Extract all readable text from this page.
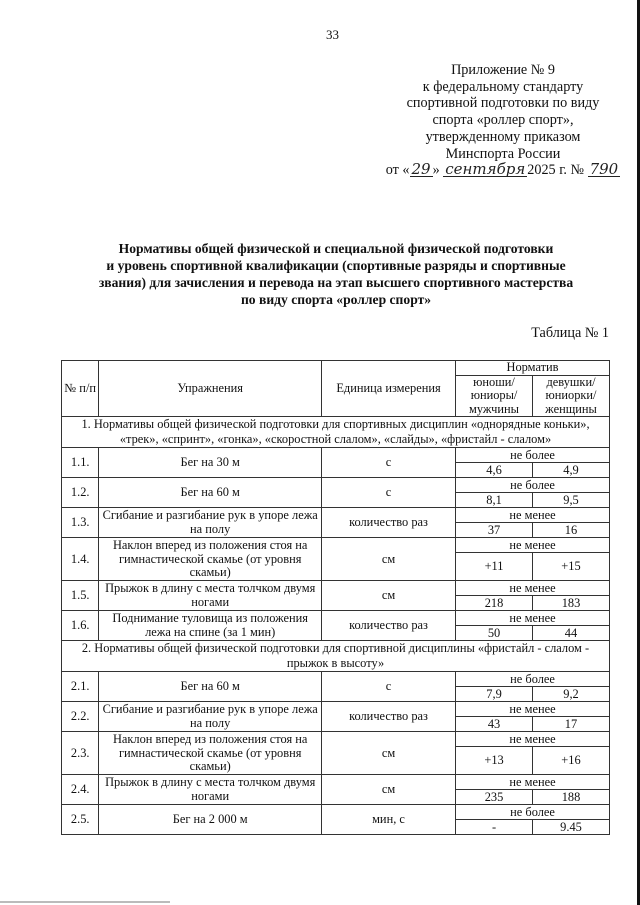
33
Приложение № 9
к федеральному стандарту
спортивной подготовки по виду
спорта «роллер спорт»,
утвержденному приказом
Минспорта России
от « 29 » сентября 2025 г. № 790
Нормативы общей физической и специальной физической подготовки
и уровень спортивной квалификации (спортивные разряды и спортивные
звания) для зачисления и перевода на этап высшего спортивного мастерства
по виду спорта «роллер спорт»
Таблица № 1
№ п/п	Упражнения	Единица измерения	Норматив	
			юноши/ юниоры/ мужчины	девушки/ юниорки/ женщины
1. Нормативы общей физической подготовки для спортивных дисциплин «однорядные коньки», «трек», «спринт», «гонка», «скоростной слалом», «слайды», «фристайл - слалом»				
1.1.	Бег на 30 м	с	не более	
			4,6	4,9
1.2.	Бег на 60 м	с	не более	
			8,1	9,5
1.3.	Сгибание и разгибание рук в упоре лежа на полу	количество раз	не менее	
			37	16
1.4.	Наклон вперед из положения стоя на гимнастической скамье (от уровня скамьи)	см	не менее	
			+11	+15
1.5.	Прыжок в длину с места толчком двумя ногами	см	не менее	
			218	183
1.6.	Поднимание туловища из положения лежа на спине (за 1 мин)	количество раз	не менее	
			50	44
2. Нормативы общей физической подготовки для спортивной дисциплины «фристайл - слалом - прыжок в высоту»				
2.1.	Бег на 60 м	с	не более	
			7,9	9,2
2.2.	Сгибание и разгибание рук в упоре лежа на полу	количество раз	не менее	
			43	17
2.3.	Наклон вперед из положения стоя на гимнастической скамье (от уровня скамьи)	см	не менее	
			+13	+16
2.4.	Прыжок в длину с места толчком двумя ногами	см	не менее	
			235	188
2.5.	Бег на 2 000 м	мин, с	не более	
			-	9.45
